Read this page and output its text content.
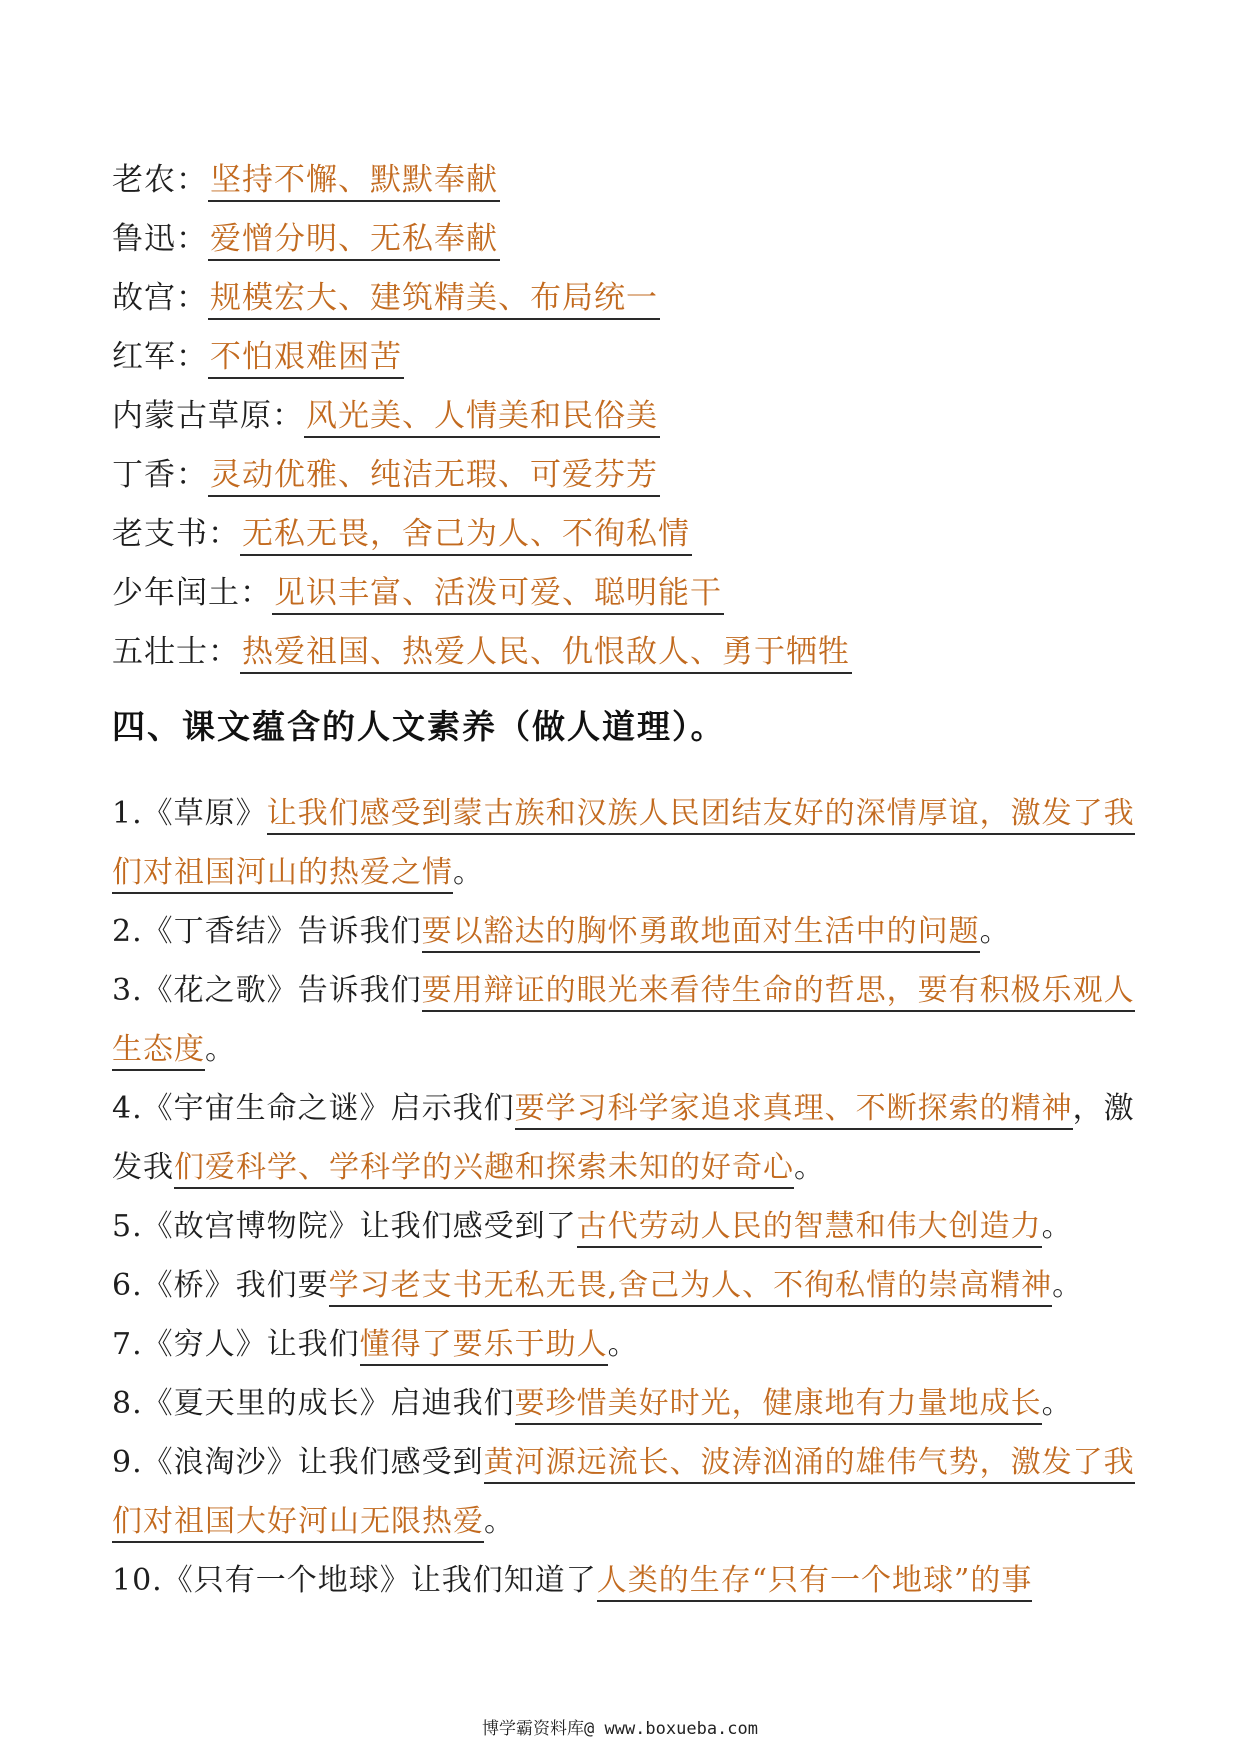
老农：坚持不懈、默默奉献
鲁迅：爱憎分明、无私奉献
故宫：规模宏大、建筑精美、布局统一
红军：不怕艰难困苦
内蒙古草原：风光美、人情美和民俗美
丁香：灵动优雅、纯洁无瑕、可爱芬芳
老支书：无私无畏，舍己为人、不徇私情
少年闰土：见识丰富、活泼可爱、聪明能干
五壮士：热爱祖国、热爱人民、仇恨敌人、勇于牺牲
四、课文蕴含的人文素养（做人道理）。
1.《草原》让我们感受到蒙古族和汉族人民团结友好的深情厚谊，激发了我们对祖国河山的热爱之情。
2.《丁香结》告诉我们要以豁达的胸怀勇敢地面对生活中的问题。
3.《花之歌》告诉我们要用辩证的眼光来看待生命的哲思，要有积极乐观人生态度。
4.《宇宙生命之谜》启示我们要学习科学家追求真理、不断探索的精神，激发我们爱科学、学科学的兴趣和探索未知的好奇心。
5.《故宫博物院》让我们感受到了古代劳动人民的智慧和伟大创造力。
6.《桥》我们要学习老支书无私无畏,舍己为人、不徇私情的崇高精神。
7.《穷人》让我们懂得了要乐于助人。
8.《夏天里的成长》启迪我们要珍惜美好时光，健康地有力量地成长。
9.《浪淘沙》让我们感受到黄河源远流长、波涛汹涌的雄伟气势，激发了我们对祖国大好河山无限热爱。
10.《只有一个地球》让我们知道了人类的生存“只有一个地球”的事
博学霸资料库@ www.boxueba.com
